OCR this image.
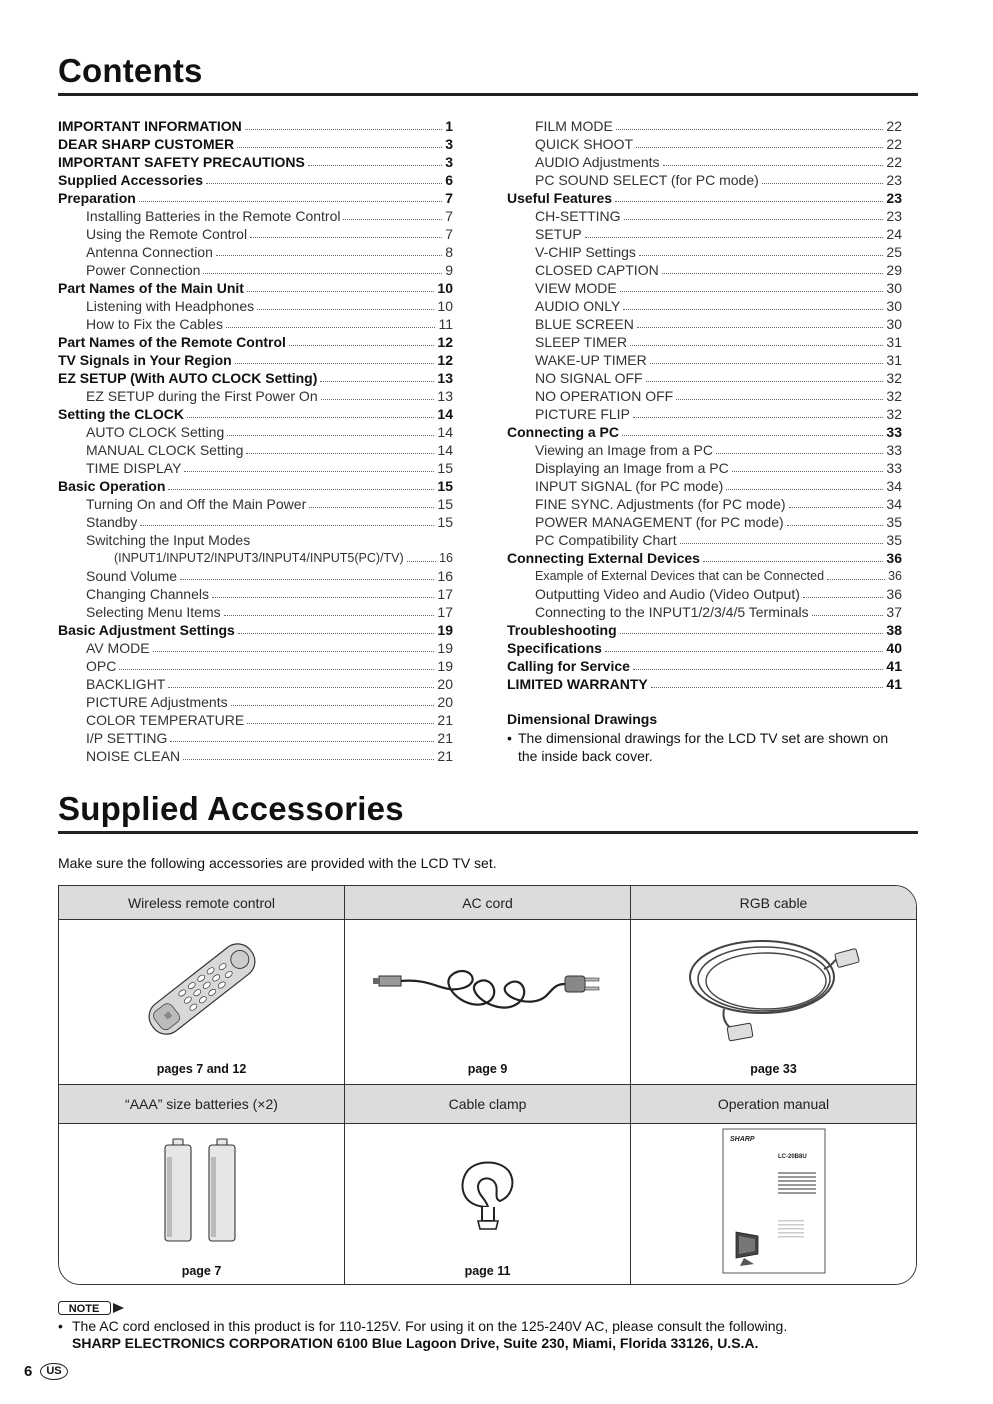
Contents
IMPORTANT INFORMATION	1
DEAR SHARP CUSTOMER	3
IMPORTANT SAFETY PRECAUTIONS	3
Supplied Accessories	6
Preparation	7
Installing Batteries in the Remote Control	7
Using the Remote Control	7
Antenna Connection	8
Power Connection	9
Part Names of the Main Unit	10
Listening with Headphones	10
How to Fix the Cables	11
Part Names of the Remote Control	12
TV Signals in Your Region	12
EZ SETUP (With AUTO CLOCK Setting)	13
EZ SETUP during the First Power On	13
Setting the CLOCK	14
AUTO CLOCK Setting	14
MANUAL CLOCK Setting	14
TIME DISPLAY	15
Basic Operation	15
Turning On and Off the Main Power	15
Standby	15
Switching the Input Modes
(INPUT1/INPUT2/INPUT3/INPUT4/INPUT5(PC)/TV)	16
Sound Volume	16
Changing Channels	17
Selecting Menu Items	17
Basic Adjustment Settings	19
AV MODE	19
OPC	19
BACKLIGHT	20
PICTURE Adjustments	20
COLOR TEMPERATURE	21
I/P SETTING	21
NOISE CLEAN	21
FILM MODE	22
QUICK SHOOT	22
AUDIO Adjustments	22
PC SOUND SELECT (for PC mode)	23
Useful Features	23
CH-SETTING	23
SETUP	24
V-CHIP Settings	25
CLOSED CAPTION	29
VIEW MODE	30
AUDIO ONLY	30
BLUE SCREEN	30
SLEEP TIMER	31
WAKE-UP TIMER	31
NO SIGNAL OFF	32
NO OPERATION OFF	32
PICTURE FLIP	32
Connecting a PC	33
Viewing an Image from a PC	33
Displaying an Image from a PC	33
INPUT SIGNAL (for PC mode)	34
FINE SYNC. Adjustments (for PC mode)	34
POWER MANAGEMENT (for PC mode)	35
PC Compatibility Chart	35
Connecting External Devices	36
Example of External Devices that can be Connected	36
Outputting Video and Audio (Video Output)	36
Connecting to the INPUT1/2/3/4/5 Terminals	37
Troubleshooting	38
Specifications	40
Calling for Service	41
LIMITED WARRANTY	41
Dimensional Drawings
• The dimensional drawings for the LCD TV set are shown on
the inside back cover.
Supplied Accessories
Make sure the following accessories are provided with the LCD TV set.
Wireless remote control	AC cord	RGB cable
pages 7 and 12	page 9	page 33
“AAA” size batteries (×2)	Cable clamp	Operation manual
page 7	page 11
SHARP
LC-20B8U
NOTE
• The AC cord enclosed in this product is for 110-125V. For using it on the 125-240V AC, please consult the following.
SHARP ELECTRONICS CORPORATION 6100 Blue Lagoon Drive, Suite 230, Miami, Florida 33126, U.S.A.
6	US
